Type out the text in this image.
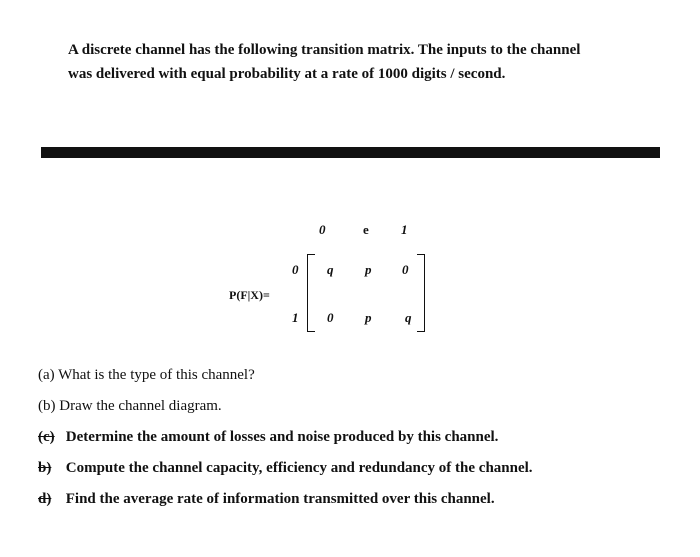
A discrete channel has the following transition matrix. The inputs to the channel
was delivered with equal probability at a rate of 1000 digits / second.
0	e 1
P(F|X)=
0
1
q p 0
0 p	q
(a) What is the type of this channel?
(b) Draw the channel diagram.
(c) Determine the amount of losses and noise produced by this channel.
b) Compute the channel capacity, efficiency and redundancy of the channel.
d) Find the average rate of information transmitted over this channel.
